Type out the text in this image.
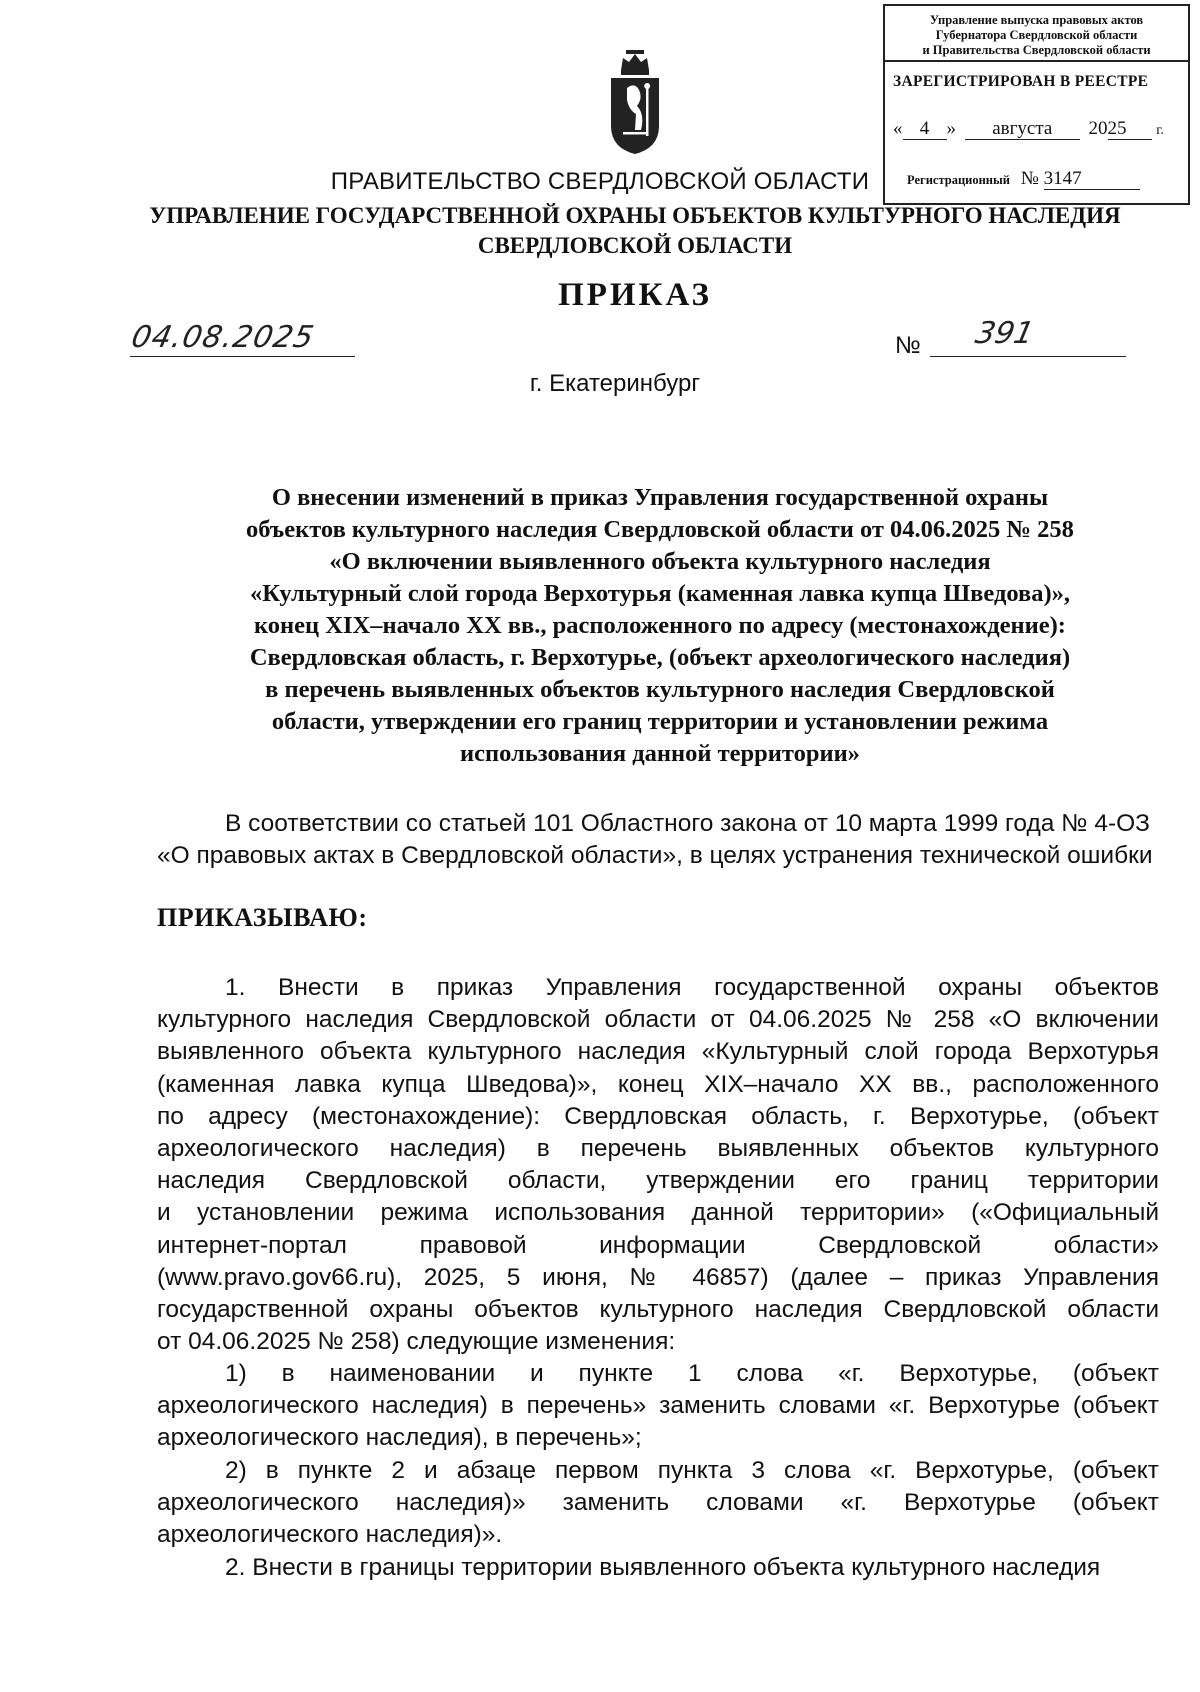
Управление выпуска правовых актов
Губернатора Свердловской области
и Правительства Свердловской области
ЗАРЕГИСТРИРОВАН В РЕЕСТРЕ
« 4 » августа 2025 г.
Регистрационный № 3147
ПРАВИТЕЛЬСТВО СВЕРДЛОВСКОЙ ОБЛАСТИ
УПРАВЛЕНИЕ ГОСУДАРСТВЕННОЙ ОХРАНЫ ОБЪЕКТОВ КУЛЬТУРНОГО НАСЛЕДИЯ
СВЕРДЛОВСКОЙ ОБЛАСТИ
ПРИКАЗ
04.08.2025	№ 391
г. Екатеринбург
О внесении изменений в приказ Управления государственной охраны
объектов культурного наследия Свердловской области от 04.06.2025 № 258
«О включении выявленного объекта культурного наследия
«Культурный слой города Верхотурья (каменная лавка купца Шведова)»,
конец XIX–начало XX вв., расположенного по адресу (местонахождение):
Свердловская область, г. Верхотурье, (объект археологического наследия)
в перечень выявленных объектов культурного наследия Свердловской
области, утверждении его границ территории и установлении режима
использования данной территории»
В соответствии со статьей 101 Областного закона от 10 марта 1999 года № 4-ОЗ
«О правовых актах в Свердловской области», в целях устранения технической ошибки
ПРИКАЗЫВАЮ:
1. Внести в приказ Управления государственной охраны объектов
культурного наследия Свердловской области от 04.06.2025 № 258 «О включении
выявленного объекта культурного наследия «Культурный слой города Верхотурья
(каменная лавка купца Шведова)», конец XIX–начало XX вв., расположенного
по адресу (местонахождение): Свердловская область, г. Верхотурье, (объект
археологического наследия) в перечень выявленных объектов культурного
наследия Свердловской области, утверждении его границ территории
и установлении режима использования данной территории» («Официальный
интернет-портал правовой информации Свердловской области»
(www.pravo.gov66.ru), 2025, 5 июня, № 46857) (далее – приказ Управления
государственной охраны объектов культурного наследия Свердловской области
от 04.06.2025 № 258) следующие изменения:
1) в наименовании и пункте 1 слова «г. Верхотурье, (объект
археологического наследия) в перечень» заменить словами «г. Верхотурье (объект
археологического наследия), в перечень»;
2) в пункте 2 и абзаце первом пункта 3 слова «г. Верхотурье, (объект
археологического наследия)» заменить словами «г. Верхотурье (объект
археологического наследия)».
2. Внести в границы территории выявленного объекта культурного наследия
